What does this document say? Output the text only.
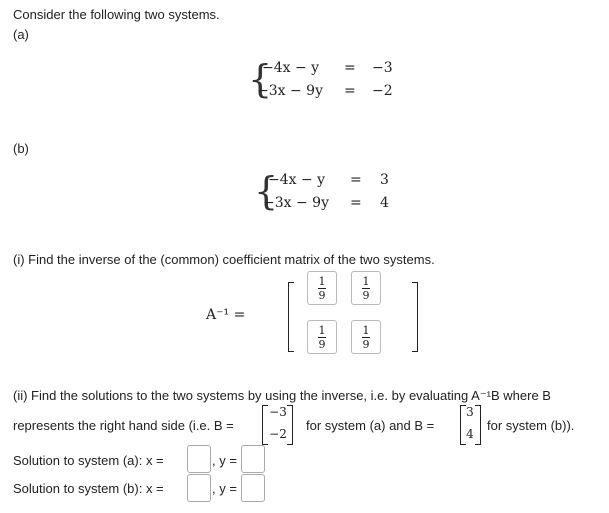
Consider the following two systems.
(a)
{
−4x − y = −3
−3x − 9y = −2
(b)
{
−4x − y = 3
−3x − 9y = 4
(i) Find the inverse of the (common) coefficient matrix of the two systems.
A⁻¹ =
1
9
1
9
1
9
1
9
(ii) Find the solutions to the two systems by using the inverse, i.e. by evaluating A⁻¹B where B
represents the right hand side (i.e. B =
−3
−2
for system (a) and B =
3
4
for system (b)).
Solution to system (a): x =	, y =
Solution to system (b): x =	, y =
